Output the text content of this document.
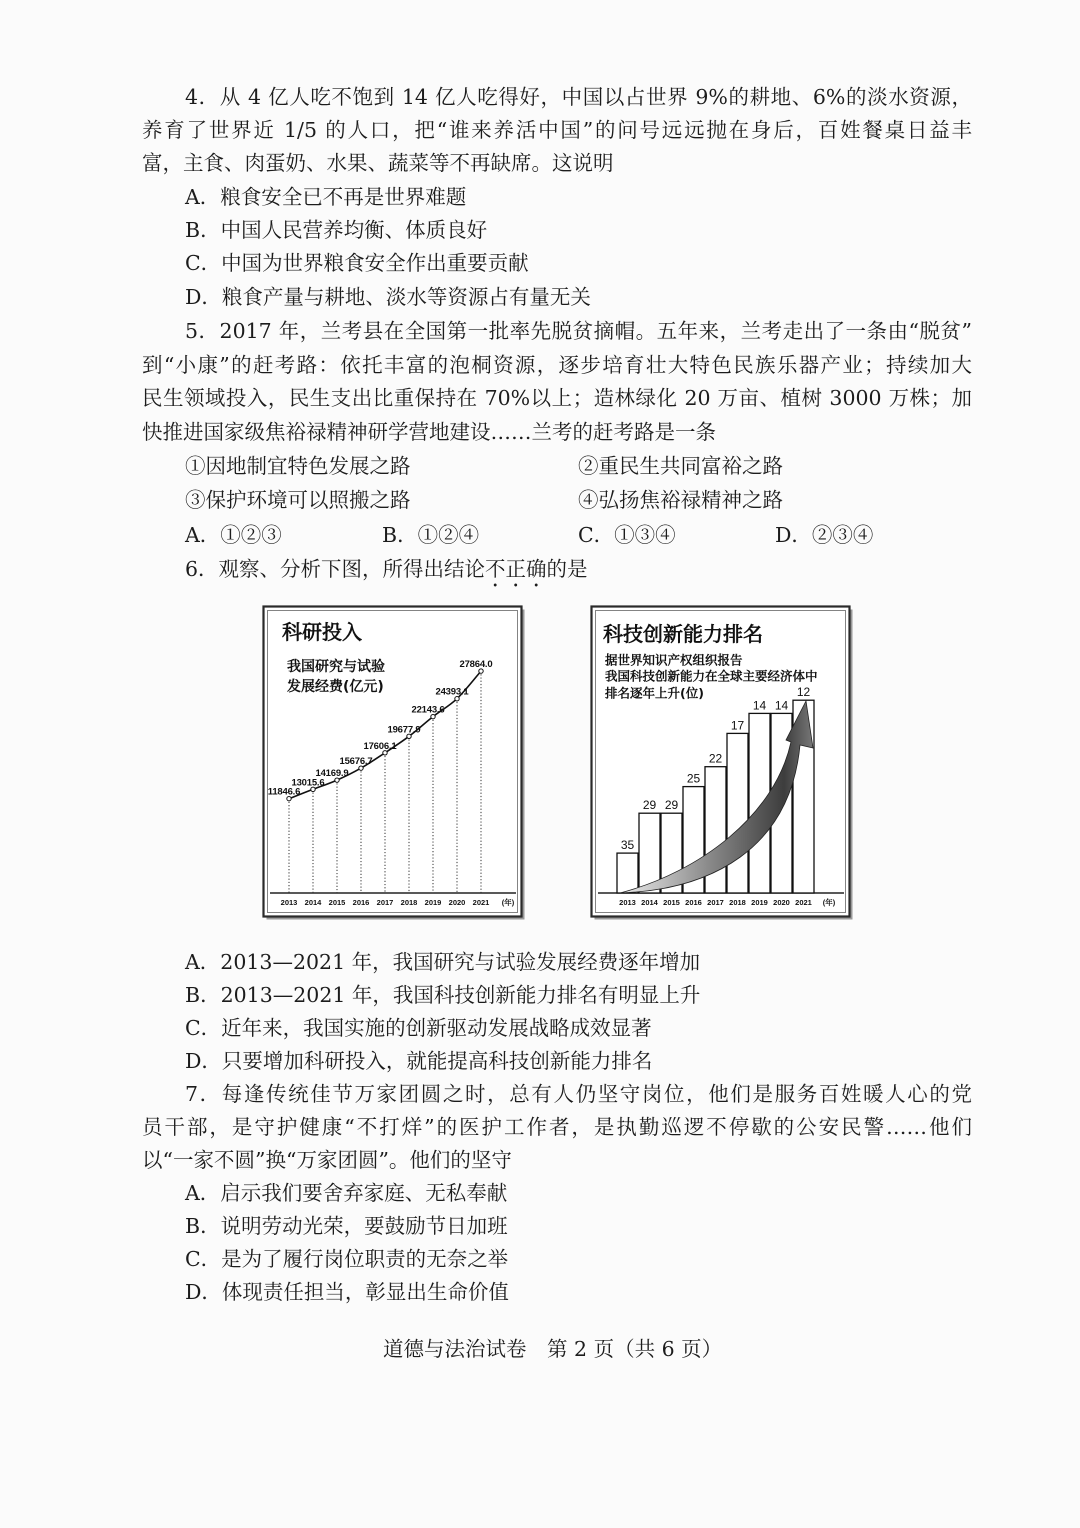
4．从 4 亿人吃不饱到 14 亿人吃得好，中国以占世界 9%的耕地、6%的淡水资源，
养育了世界近 1/5 的人口，把“谁来养活中国”的问号远远抛在身后，百姓餐桌日益丰
富，主食、肉蛋奶、水果、蔬菜等不再缺席。这说明
A．粮食安全已不再是世界难题
B．中国人民营养均衡、体质良好
C．中国为世界粮食安全作出重要贡献
D．粮食产量与耕地、淡水等资源占有量无关
5．2017 年，兰考县在全国第一批率先脱贫摘帽。五年来，兰考走出了一条由“脱贫”
到“小康”的赶考路：依托丰富的泡桐资源，逐步培育壮大特色民族乐器产业；持续加大
民生领域投入，民生支出比重保持在 70%以上；造林绿化 20 万亩、植树 3000 万株；加
快推进国家级焦裕禄精神研学营地建设……兰考的赶考路是一条
①因地制宜特色发展之路	②重民生共同富裕之路
③保护环境可以照搬之路	④弘扬焦裕禄精神之路
A．①②③	B．①②④	C．①③④	D．②③④
6．观察、分析下图，所得出结论不正确的是
科研投入
我国研究与试验
发展经费(亿元)
11846.6
2013
13015.6
2014
14169.9
2015
15676.7
2016
17606.1
2017
19677.9
2018
22143.6
2019
24393.1
2020
27864.0
2021 (年)
科技创新能力排名
据世界知识产权组织报告
我国科技创新能力在全球主要经济体中
排名逐年上升(位)
35
2013
29
2014
29
2015
25
2016
22
2017
17
2018
14
2019
14
2020
12
2021 (年)
A．2013—2021 年，我国研究与试验发展经费逐年增加
B．2013—2021 年，我国科技创新能力排名有明显上升
C．近年来，我国实施的创新驱动发展战略成效显著
D．只要增加科研投入，就能提高科技创新能力排名
7．每逢传统佳节万家团圆之时，总有人仍坚守岗位，他们是服务百姓暖人心的党
员干部，是守护健康“不打烊”的医护工作者，是执勤巡逻不停歇的公安民警……他们
以“一家不圆”换“万家团圆”。他们的坚守
A．启示我们要舍弃家庭、无私奉献
B．说明劳动光荣，要鼓励节日加班
C．是为了履行岗位职责的无奈之举
D．体现责任担当，彰显出生命价值
道德与法治试卷　第 2 页（共 6 页）
